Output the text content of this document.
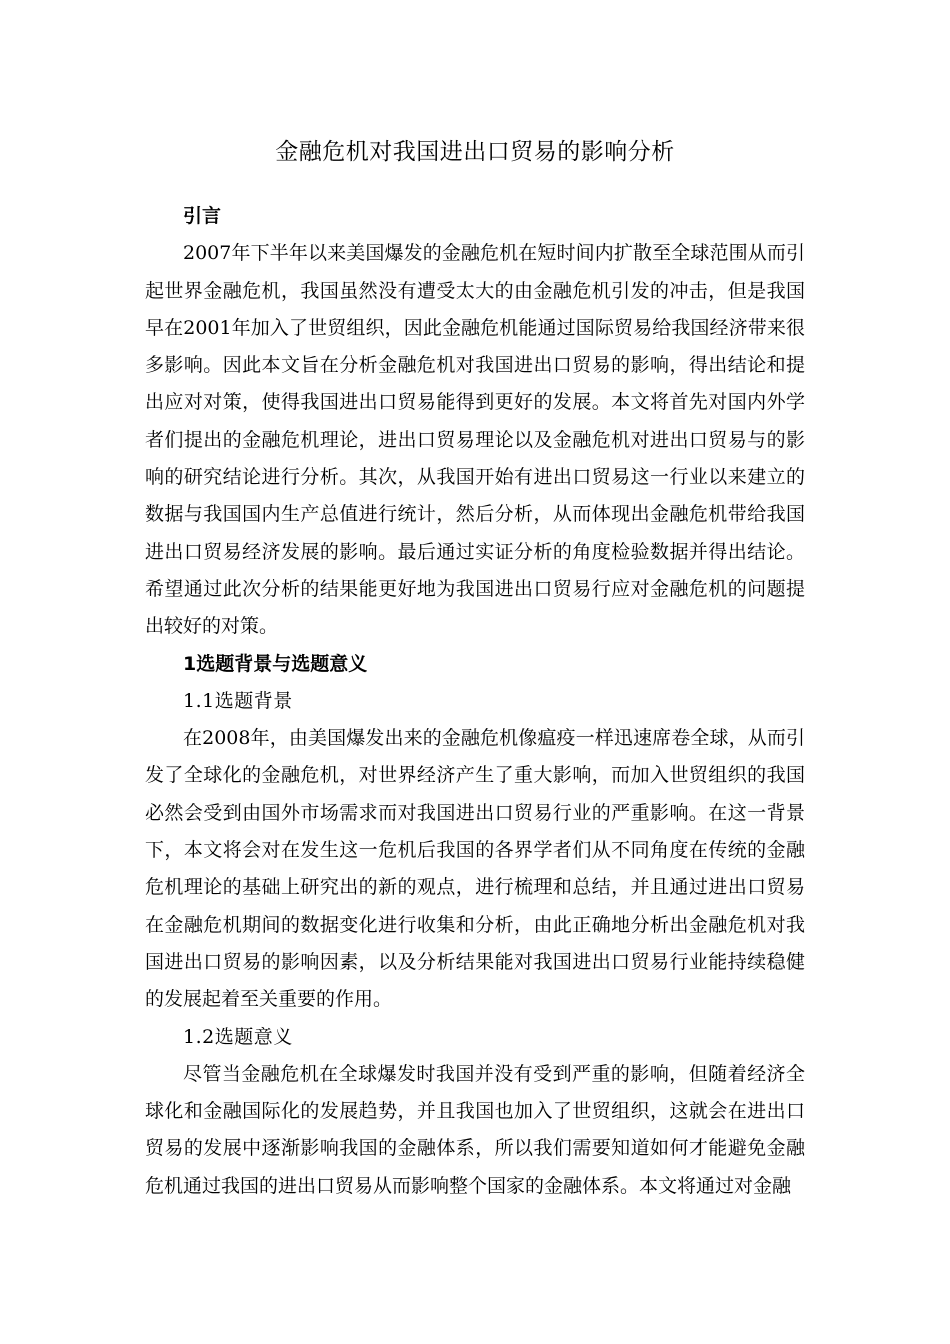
金融危机对我国进出口贸易的影响分析
引言

2007年下半年以来美国爆发的金融危机在短时间内扩散至全球范围从而引起世界金融危机，我国虽然没有遭受太大的由金融危机引发的冲击，但是我国早在2001年加入了世贸组织，因此金融危机能通过国际贸易给我国经济带来很多影响。因此本文旨在分析金融危机对我国进出口贸易的影响，得出结论和提出应对对策，使得我国进出口贸易能得到更好的发展。本文将首先对国内外学者们提出的金融危机理论，进出口贸易理论以及金融危机对进出口贸易与的影响的研究结论进行分析。其次，从我国开始有进出口贸易这一行业以来建立的数据与我国国内生产总值进行统计，然后分析，从而体现出金融危机带给我国进出口贸易经济发展的影响。最后通过实证分析的角度检验数据并得出结论。希望通过此次分析的结果能更好地为我国进出口贸易行应对金融危机的问题提出较好的对策。

1选题背景与选题意义
1.1选题背景

在2008年，由美国爆发出来的金融危机像瘟疫一样迅速席卷全球，从而引发了全球化的金融危机，对世界经济产生了重大影响，而加入世贸组织的我国必然会受到由国外市场需求而对我国进出口贸易行业的严重影响。在这一背景下，本文将会对在发生这一危机后我国的各界学者们从不同角度在传统的金融危机理论的基础上研究出的新的观点，进行梳理和总结，并且通过进出口贸易在金融危机期间的数据变化进行收集和分析，由此正确地分析出金融危机对我国进出口贸易的影响因素，以及分析结果能对我国进出口贸易行业能持续稳健的发展起着至关重要的作用。

1.2选题意义

尽管当金融危机在全球爆发时我国并没有受到严重的影响，但随着经济全球化和金融国际化的发展趋势，并且我国也加入了世贸组织，这就会在进出口贸易的发展中逐渐影响我国的金融体系，所以我们需要知道如何才能避免金融危机通过我国的进出口贸易从而影响整个国家的金融体系。本文将通过对金融
